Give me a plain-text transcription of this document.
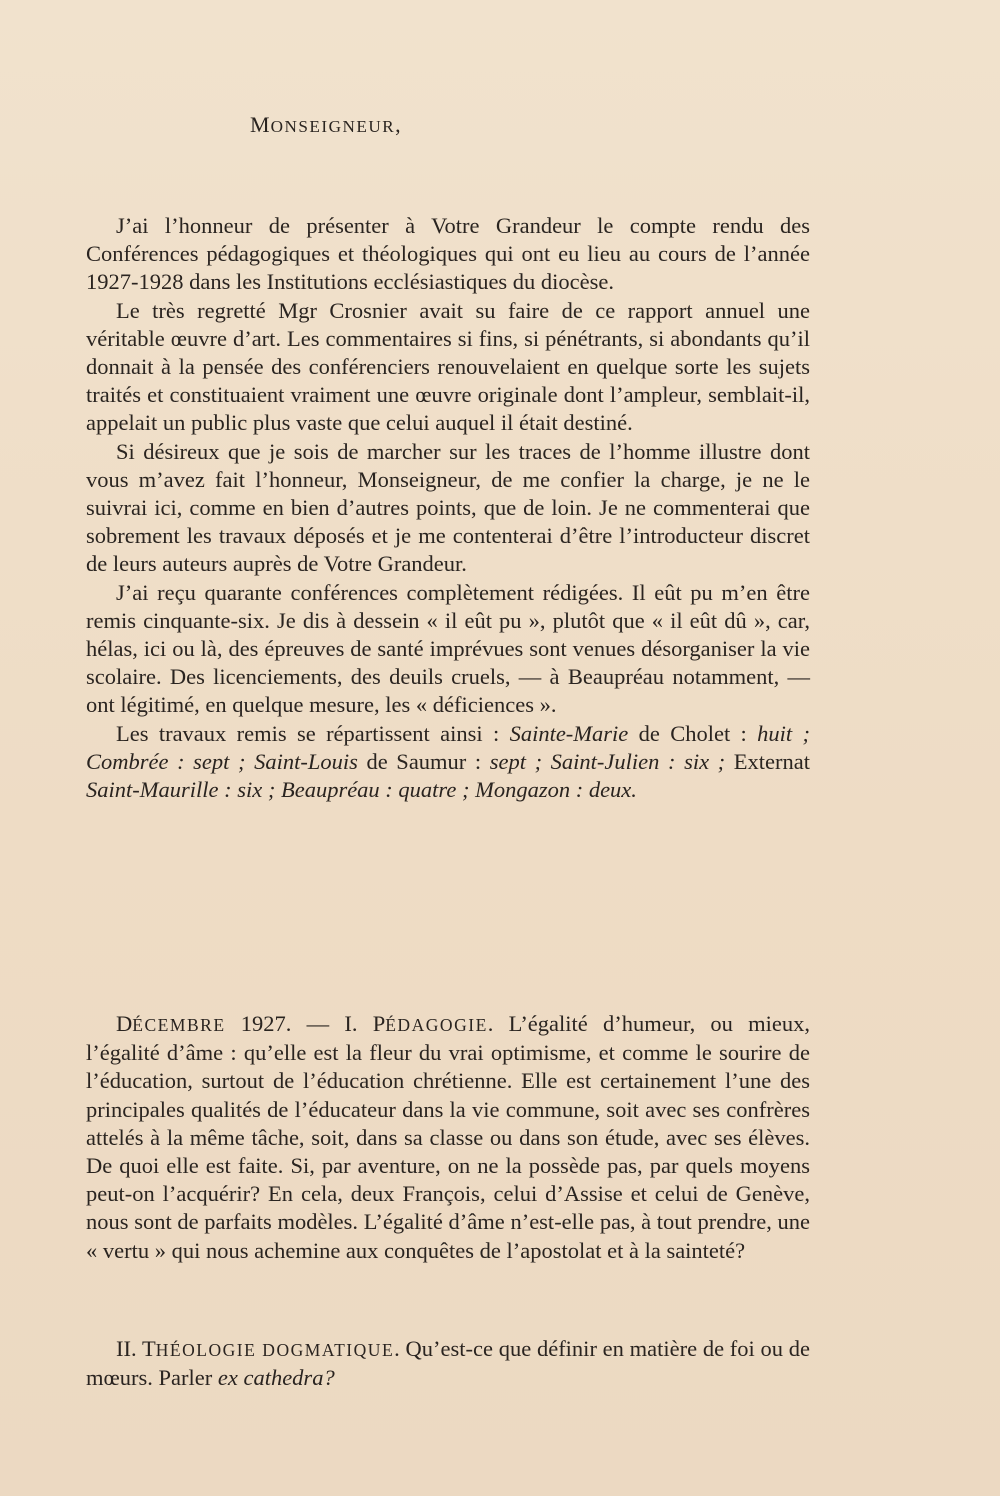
MONSEIGNEUR,

J’ai l’honneur de présenter à Votre Grandeur le compte rendu des Conférences pédagogiques et théologiques qui ont eu lieu au cours de l’année 1927-1928 dans les Institutions ecclésiastiques du diocèse.

Le très regretté Mgr Crosnier avait su faire de ce rapport annuel une véritable œuvre d’art. Les commentaires si fins, si pénétrants, si abondants qu’il donnait à la pensée des conférenciers renouvelaient en quelque sorte les sujets traités et constituaient vraiment une œuvre originale dont l’ampleur, semblait-il, appelait un public plus vaste que celui auquel il était destiné.

Si désireux que je sois de marcher sur les traces de l’homme illustre dont vous m’avez fait l’honneur, Monseigneur, de me confier la charge, je ne le suivrai ici, comme en bien d’autres points, que de loin. Je ne commenterai que sobrement les travaux déposés et je me contenterai d’être l’introducteur discret de leurs auteurs auprès de Votre Grandeur.

J’ai reçu quarante conférences complètement rédigées. Il eût pu m’en être remis cinquante-six. Je dis à dessein « il eût pu », plutôt que « il eût dû », car, hélas, ici ou là, des épreuves de santé imprévues sont venues désorganiser la vie scolaire. Des licenciements, des deuils cruels, — à Beaupréau notamment, — ont légitimé, en quelque mesure, les « déficiences ».

Les travaux remis se répartissent ainsi : Sainte-Marie de Cholet : huit ; Combrée : sept ; Saint-Louis de Saumur : sept ; Saint-Julien : six ; Externat Saint-Maurille : six ; Beaupréau : quatre ; Mongazon : deux.

DÉCEMBRE 1927. — I. PÉDAGOGIE. L’égalité d’humeur, ou mieux, l’égalité d’âme : qu’elle est la fleur du vrai optimisme, et comme le sourire de l’éducation, surtout de l’éducation chrétienne. Elle est certainement l’une des principales qualités de l’éducateur dans la vie commune, soit avec ses confrères attelés à la même tâche, soit, dans sa classe ou dans son étude, avec ses élèves. De quoi elle est faite. Si, par aventure, on ne la possède pas, par quels moyens peut-on l’acquérir? En cela, deux François, celui d’Assise et celui de Genève, nous sont de parfaits modèles. L’égalité d’âme n’est-elle pas, à tout prendre, une « vertu » qui nous achemine aux conquêtes de l’apostolat et à la sainteté?

II. THÉOLOGIE DOGMATIQUE. Qu’est-ce que définir en matière de foi ou de mœurs. Parler ex cathedra?
